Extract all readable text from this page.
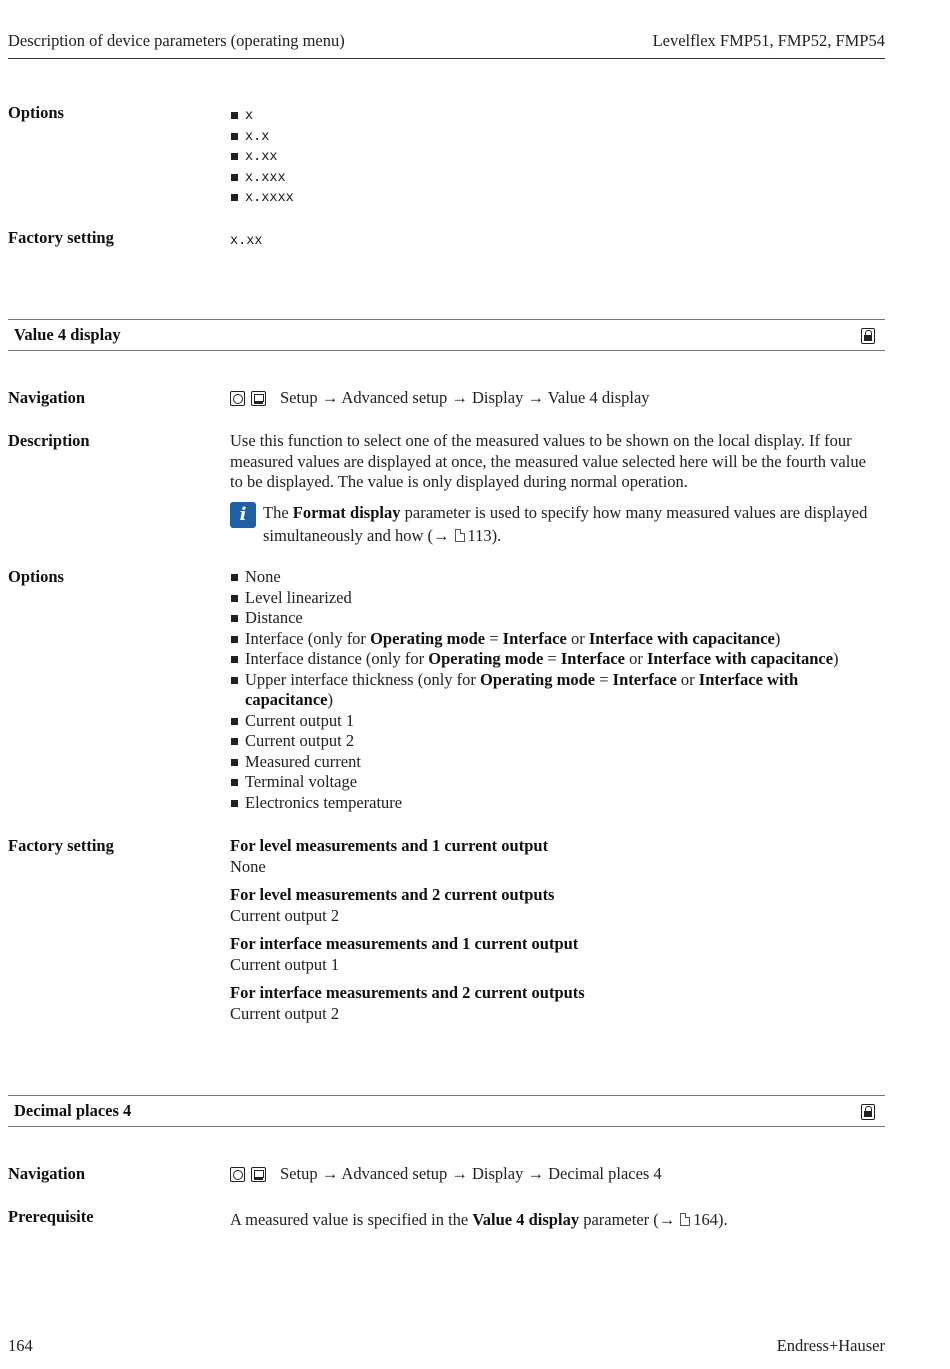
Description of device parameters (operating menu)	Levelflex FMP51, FMP52, FMP54
Options	x
x.x
x.xx
x.xxx
x.xxxx
Factory setting	x.xx
Value 4 display
Navigation	Setup → Advanced setup → Display → Value 4 display
Description	Use this function to select one of the measured values to be shown on the local display. If four measured values are displayed at once, the measured value selected here will be the fourth value to be displayed. The value is only displayed during normal operation.

i	The Format display parameter is used to specify how many measured values are displayed simultaneously and how (→ 113).
Options	None
Level linearized
Distance
Interface (only for Operating mode = Interface or Interface with capacitance)
Interface distance (only for Operating mode = Interface or Interface with capacitance)
Upper interface thickness (only for Operating mode = Interface or Interface with capacitance)
Current output 1
Current output 2
Measured current
Terminal voltage
Electronics temperature
Factory setting	For level measurements and 1 current output
None
For level measurements and 2 current outputs
Current output 2
For interface measurements and 1 current output
Current output 1
For interface measurements and 2 current outputs
Current output 2
Decimal places 4
Navigation	Setup → Advanced setup → Display → Decimal places 4
Prerequisite	A measured value is specified in the Value 4 display parameter (→ 164).
164	Endress+Hauser
